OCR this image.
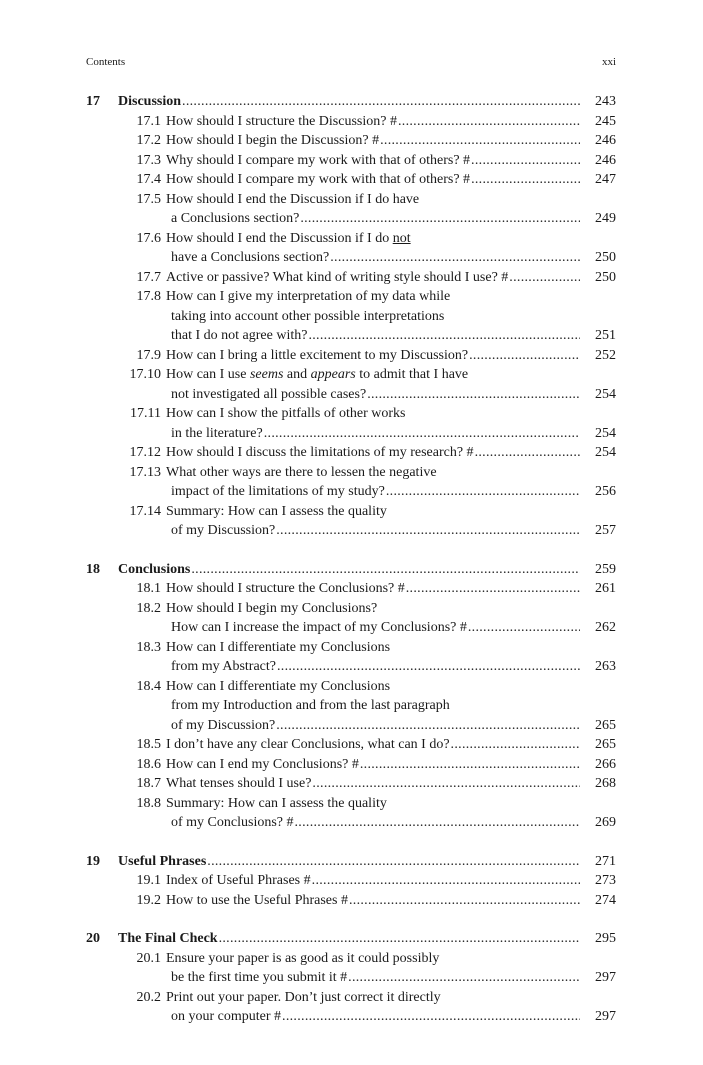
Contents	xxi
17	Discussion .....	243
17.1 How should I structure the Discussion? # .....	245
17.2 How should I begin the Discussion? # .....	246
17.3 Why should I compare my work with that of others? # .....	246
17.4 How should I compare my work with that of others? # .....	247
17.5 How should I end the Discussion if I do have
a Conclusions section? .....	249
17.6 How should I end the Discussion if I do not
have a Conclusions section? .....	250
17.7 Active or passive? What kind of writing style should I use? # .....	250
17.8 How can I give my interpretation of my data while
taking into account other possible interpretations
that I do not agree with? .....	251
17.9 How can I bring a little excitement to my Discussion? .....	252
17.10 How can I use seems and appears to admit that I have
not investigated all possible cases? .....	254
17.11 How can I show the pitfalls of other works
in the literature? .....	254
17.12 How should I discuss the limitations of my research? # .....	254
17.13 What other ways are there to lessen the negative
impact of the limitations of my study? .....	256
17.14 Summary: How can I assess the quality
of my Discussion? .....	257
18	Conclusions .....	259
18.1 How should I structure the Conclusions? # .....	261
18.2 How should I begin my Conclusions?
How can I increase the impact of my Conclusions? # .....	262
18.3 How can I differentiate my Conclusions
from my Abstract? .....	263
18.4 How can I differentiate my Conclusions
from my Introduction and from the last paragraph
of my Discussion? .....	265
18.5 I don’t have any clear Conclusions, what can I do? .....	265
18.6 How can I end my Conclusions? # .....	266
18.7 What tenses should I use? .....	268
18.8 Summary: How can I assess the quality
of my Conclusions? # .....	269
19	Useful Phrases .....	271
19.1 Index of Useful Phrases # .....	273
19.2 How to use the Useful Phrases # .....	274
20	The Final Check .....	295
20.1 Ensure your paper is as good as it could possibly
be the first time you submit it # .....	297
20.2 Print out your paper. Don’t just correct it directly
on your computer # .....	297
